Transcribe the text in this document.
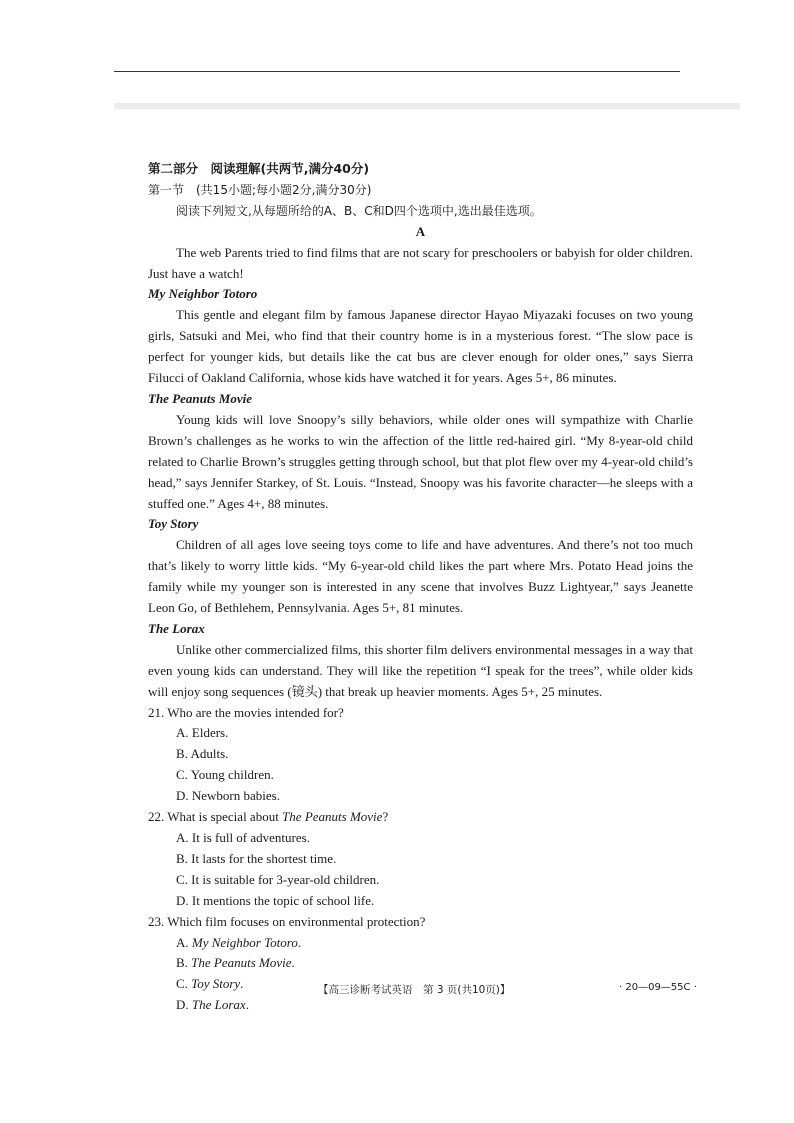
第二部分　阅读理解(共两节,满分40分)
第一节　(共15小题;每小题2分,满分30分)
阅读下列短文,从每题所给的A、B、C和D四个选项中,选出最佳选项。
A

The web Parents tried to find films that are not scary for preschoolers or babyish for older children. Just have a watch!

My Neighbor Totoro

This gentle and elegant film by famous Japanese director Hayao Miyazaki focuses on two young girls, Satsuki and Mei, who find that their country home is in a mysterious forest. “The slow pace is perfect for younger kids, but details like the cat bus are clever enough for older ones,” says Sierra Filucci of Oakland California, whose kids have watched it for years. Ages 5+, 86 minutes.

The Peanuts Movie

Young kids will love Snoopy’s silly behaviors, while older ones will sympathize with Charlie Brown’s challenges as he works to win the affection of the little red-haired girl. “My 8-year-old child related to Charlie Brown’s struggles getting through school, but that plot flew over my 4-year-old child’s head,” says Jennifer Starkey, of St. Louis. “Instead, Snoopy was his favorite character—he sleeps with a stuffed one.” Ages 4+, 88 minutes.

Toy Story

Children of all ages love seeing toys come to life and have adventures. And there’s not too much that’s likely to worry little kids. “My 6-year-old child likes the part where Mrs. Potato Head joins the family while my younger son is interested in any scene that involves Buzz Lightyear,” says Jeanette Leon Go, of Bethlehem, Pennsylvania. Ages 5+, 81 minutes.

The Lorax

Unlike other commercialized films, this shorter film delivers environmental messages in a way that even young kids can understand. They will like the repetition “I speak for the trees”, while older kids will enjoy song sequences (镜头) that break up heavier moments. Ages 5+, 25 minutes.

21. Who are the movies intended for?
A. Elders.
B. Adults.
C. Young children.
D. Newborn babies.
22. What is special about The Peanuts Movie?
A. It is full of adventures.
B. It lasts for the shortest time.
C. It is suitable for 3-year-old children.
D. It mentions the topic of school life.
23. Which film focuses on environmental protection?
A. My Neighbor Totoro.
B. The Peanuts Movie.
C. Toy Story.
D. The Lorax.
【高三诊断考试英语　第 3 页(共10页)】	· 20—09—55C ·
